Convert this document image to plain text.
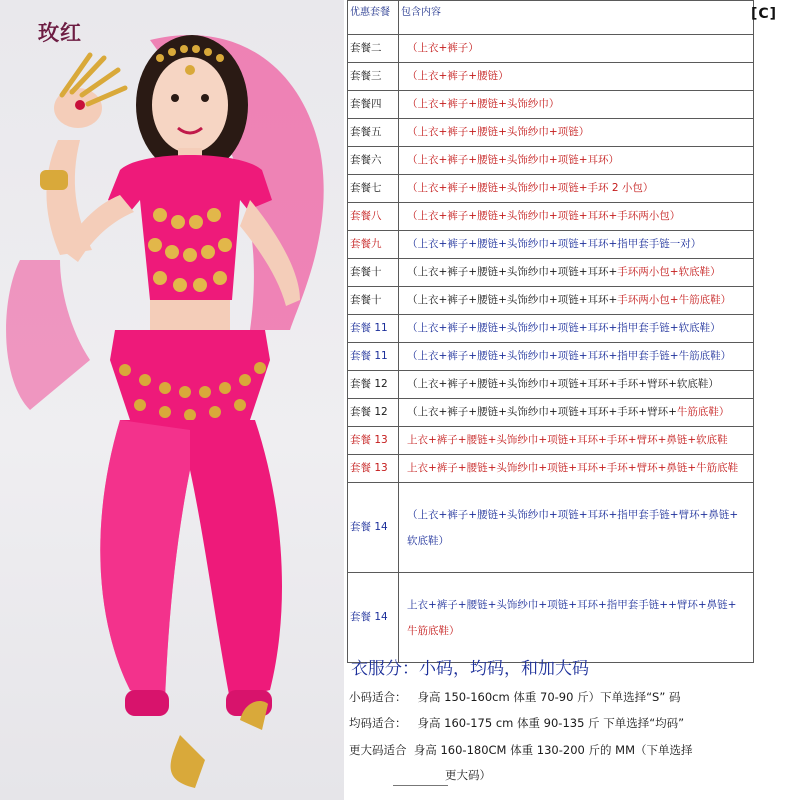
玫红
优惠套餐	包含内容	
套餐二	（上衣+裤子）	
套餐三	（上衣+裤子+腰链）	
套餐四	（上衣+裤子+腰链+头饰纱巾）	
套餐五	（上衣+裤子+腰链+头饰纱巾+项链）	
套餐六	（上衣+裤子+腰链+头饰纱巾+项链+耳环）	
套餐七	（上衣+裤子+腰链+头饰纱巾+项链+手环 2 小包）	
套餐八	（上衣+裤子+腰链+头饰纱巾+项链+耳环+手环两小包）	
套餐九	（上衣+裤子+腰链+头饰纱巾+项链+耳环+指甲套手链一对）	
套餐十	（上衣+裤子+腰链+头饰纱巾+项链+耳环+手环两小包+软底鞋）	
套餐十	（上衣+裤子+腰链+头饰纱巾+项链+耳环+手环两小包+牛筋底鞋）	
套餐 11	（上衣+裤子+腰链+头饰纱巾+项链+耳环+指甲套手链+软底鞋）	
套餐 11	（上衣+裤子+腰链+头饰纱巾+项链+耳环+指甲套手链+牛筋底鞋）	
套餐 12	（上衣+裤子+腰链+头饰纱巾+项链+耳环+手环+臂环+软底鞋）	
套餐 12	（上衣+裤子+腰链+头饰纱巾+项链+耳环+手环+臂环+牛筋底鞋）	
套餐 13	上衣+裤子+腰链+头饰纱巾+项链+耳环+手环+臂环+鼻链+软底鞋	
套餐 13	上衣+裤子+腰链+头饰纱巾+项链+耳环+手环+臂环+鼻链+牛筋底鞋	
套餐 14	（上衣+裤子+腰链+头饰纱巾+项链+耳环+指甲套手链+臂环+鼻链+
软底鞋）	
套餐 14	上衣+裤子+腰链+头饰纱巾+项链+耳环+指甲套手链++臂环+鼻链+
牛筋底鞋）	
[C]
衣服分：小码，均码，和加大码
小码适合： 身高 150-160cm 体重 70-90 斤）下单选择“S” 码
均码适合： 身高 160-175 cm 体重 90-135 斤 下单选择“均码”
更大码适合 身高 160-180CM 体重 130-200 斤的 MM（下单选择
更大码）
